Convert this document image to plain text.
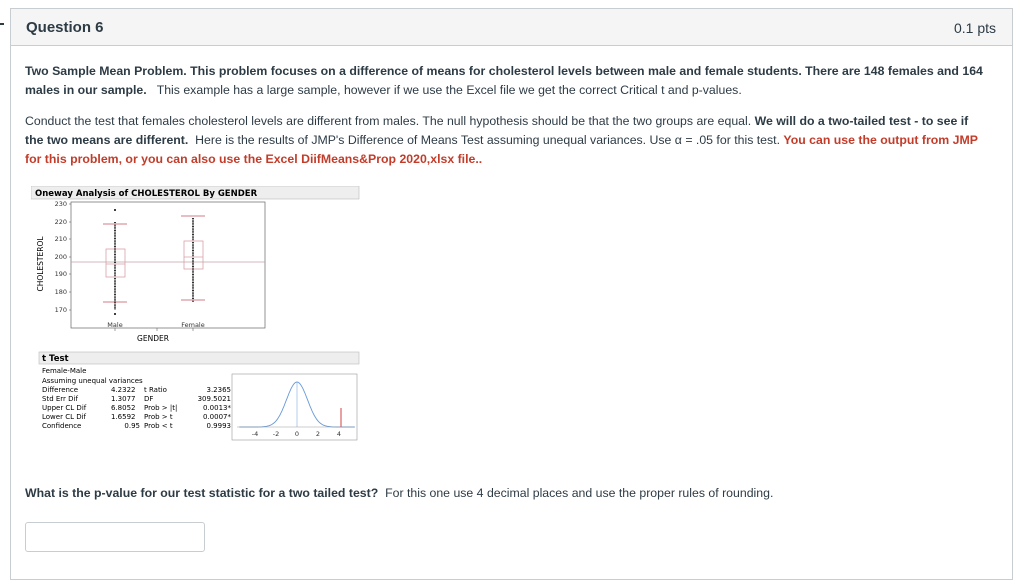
Question 6	0.1 pts
Two Sample Mean Problem. This problem focuses on a difference of means for cholesterol levels between male and female students. There are 148 females and 164 males in our sample. This example has a large sample, however if we use the Excel file we get the correct Critical t and p-values.
Conduct the test that females cholesterol levels are different from males. The null hypothesis should be that the two groups are equal. We will do a two-tailed test - to see if the two means are different. Here is the results of JMP's Difference of Means Test assuming unequal variances. Use α = .05 for this test. You can use the output from JMP for this problem, or you can also use the Excel DiifMeans&Prop 2020,xlsx file..
Oneway Analysis of CHOLESTEROL By GENDER
CHOLESTEROL
230
220
210
200
190
180
170
Male	Female
GENDER
t Test
Female-Male
Assuming unequal variances
Difference	4.2322 t Ratio	3.2365
Std Err Dif	1.3077 DF	309.5021
Upper CL Dif	6.8052 Prob > |t|	0.0013*
Lower CL Dif	1.6592 Prob > t	0.0007*
Confidence	0.95 Prob < t	0.9993
-4 -2 0	2	4
What is the p-value for our test statistic for a two tailed test? For this one use 4 decimal places and use the proper rules of rounding.
